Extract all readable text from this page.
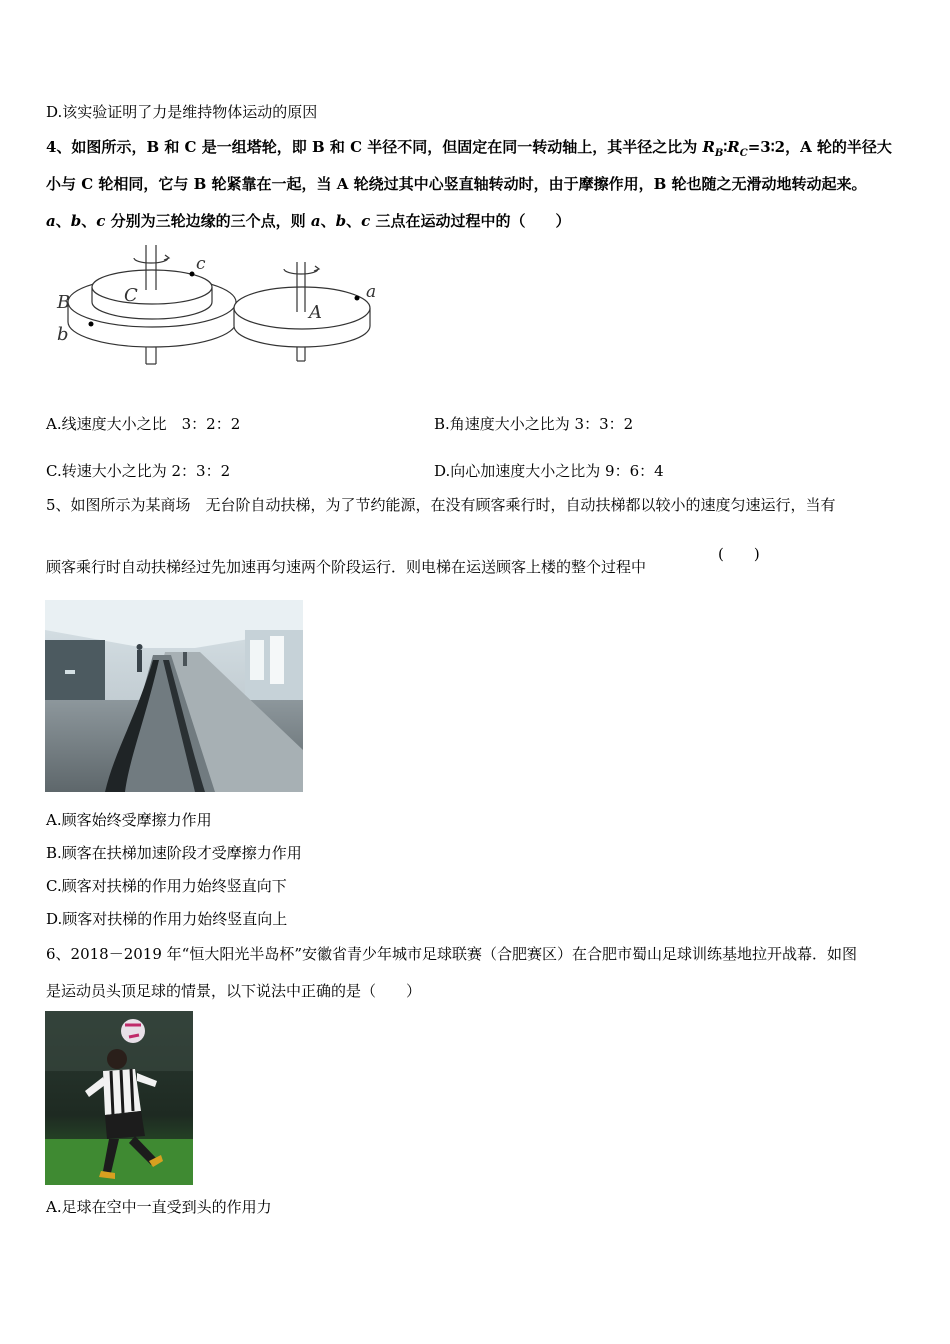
D.该实验证明了力是维持物体运动的原因
4、如图所示，B 和 C 是一组塔轮，即 B 和 C 半径不同，但固定在同一转动轴上，其半径之比为 $R_B∶R_C=3∶2$，A 轮的半径大
小与 C 轮相同，它与 B 轮紧靠在一起，当 A 轮绕过其中心竖直轴转动时，由于摩擦作用，B 轮也随之无滑动地转动起来。
a、b、c 分别为三轮边缘的三个点，则 a、b、c 三点在运动过程中的（　　）
c
C
B
b
A
a
A.线速度大小之比　3：2：2	B.角速度大小之比为 3：3：2
C.转速大小之比为 2：3：2	D.向心加速度大小之比为 9：6：4
5、如图所示为某商场　无台阶自动扶梯，为了节约能源，在没有顾客乘行时，自动扶梯都以较小的速度匀速运行，当有
顾客乘行时自动扶梯经过先加速再匀速两个阶段运行．则电梯在运送顾客上楼的整个过程中
(　　)
A.顾客始终受摩擦力作用
B.顾客在扶梯加速阶段才受摩擦力作用
C.顾客对扶梯的作用力始终竖直向下
D.顾客对扶梯的作用力始终竖直向上
6、2018－2019 年“恒大阳光半岛杯”安徽省青少年城市足球联赛（合肥赛区）在合肥市蜀山足球训练基地拉开战幕．如图
是运动员头顶足球的情景，以下说法中正确的是（　　）
A.足球在空中一直受到头的作用力
